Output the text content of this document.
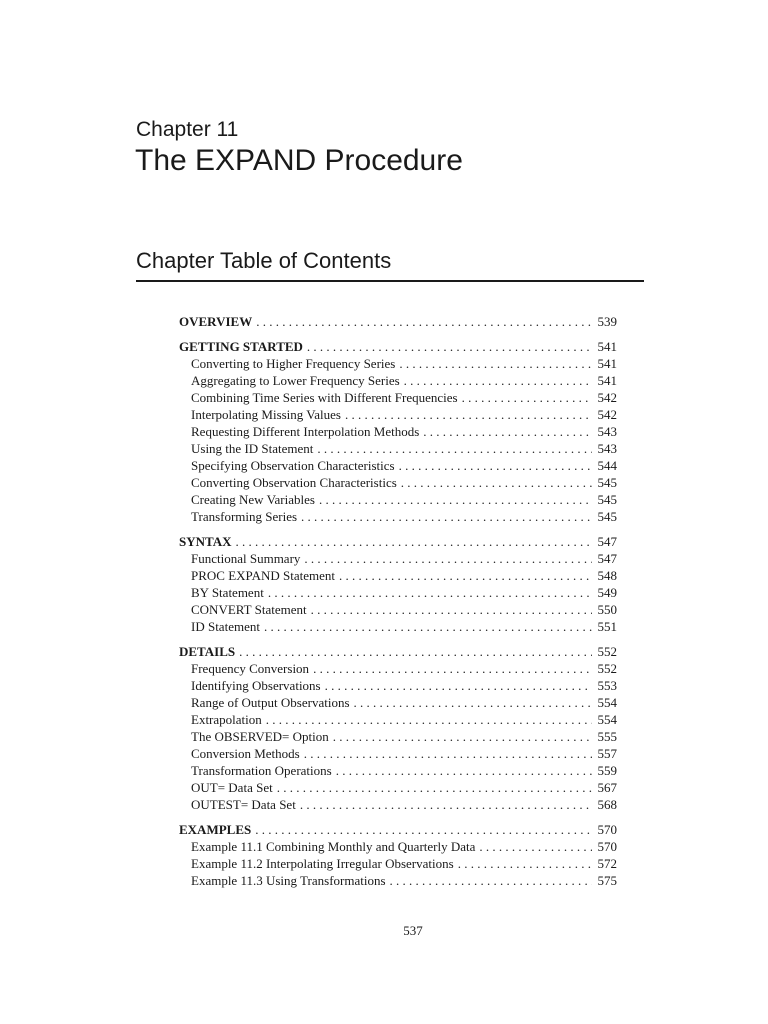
Chapter 11
The EXPAND Procedure
Chapter Table of Contents
OVERVIEW . . .	539
GETTING STARTED . . .	541
Converting to Higher Frequency Series . . .	541
Aggregating to Lower Frequency Series . . .	541
Combining Time Series with Different Frequencies . . .	542
Interpolating Missing Values . . .	542
Requesting Different Interpolation Methods . . .	543
Using the ID Statement . . .	543
Specifying Observation Characteristics . . .	544
Converting Observation Characteristics . . .	545
Creating New Variables . . .	545
Transforming Series . . .	545
SYNTAX . . .	547
Functional Summary . . .	547
PROC EXPAND Statement . . .	548
BY Statement . . .	549
CONVERT Statement . . .	550
ID Statement . . .	551
DETAILS . . .	552
Frequency Conversion . . .	552
Identifying Observations . . .	553
Range of Output Observations . . .	554
Extrapolation . . .	554
The OBSERVED= Option . . .	555
Conversion Methods . . .	557
Transformation Operations . . .	559
OUT= Data Set . . .	567
OUTEST= Data Set . . .	568
EXAMPLES . . .	570
Example 11.1 Combining Monthly and Quarterly Data . . .	570
Example 11.2 Interpolating Irregular Observations . . .	572
Example 11.3 Using Transformations . . .	575
537
